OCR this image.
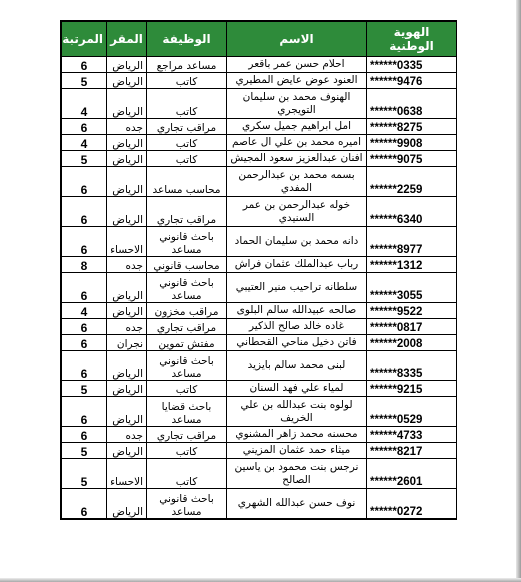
الهوية الوطنية	الاسم	الوظيفة	المقر	المرتبة
******0335	احلام حسن عمر باقعر	مساعد مراجع	الرياض	6
******9476	العنود عوض عايض المطيري	كاتب	الرياض	5
******0638	الهنوف محمد بن سليمان التويجري	كاتب	الرياض	4
******8275	امل ابراهيم جميل سكري	مراقب تجاري	جده	6
******9908	اميره محمد بن علي ال عاصم	كاتب	الرياض	4
******9075	افنان عبدالعزيز سعود المجيش	كاتب	الرياض	5
******2259	بسمه محمد بن عبدالرحمن المفدي	محاسب مساعد	الرياض	6
******6340	خوله عبدالرحمن بن عمر السنيدي	مراقب تجاري	الرياض	6
******8977	دانه محمد بن سليمان الحماد	باحث قانوني مساعد	الاحساء	6
******1312	رباب عبدالملك عثمان فراش	محاسب قانوني	جده	8
******3055	سلطانه تراحيب منير العتيبي	باحث قانوني مساعد	الرياض	6
******9522	صالحه عبيدالله سالم البلوى	مراقب مخزون	الرياض	4
******0817	غاده خالد صالح الذكير	مراقب تجاري	جده	6
******2008	فاتن دخيل مناحي القحطاني	مفتش تموين	نجران	6
******8335	لبنى محمد سالم بايزيد	باحث قانوني مساعد	الرياض	6
******9215	لمياء علي فهد السنان	كاتب	الرياض	5
******0529	لولوه بنت عبدالله بن علي الخريف	باحث قضايا مساعد	الرياض	6
******4733	محسنه محمد زاهر المشنوي	مراقب تجاري	جده	6
******8217	ميثاء حمد عثمان المزيني	كاتب	الرياض	5
******2601	نرجس بنت محمود بن ياسين الصالح	كاتب	الاحساء	5
******0272	نوف حسن عبدالله الشهري	باحث قانوني مساعد	الرياض	6
